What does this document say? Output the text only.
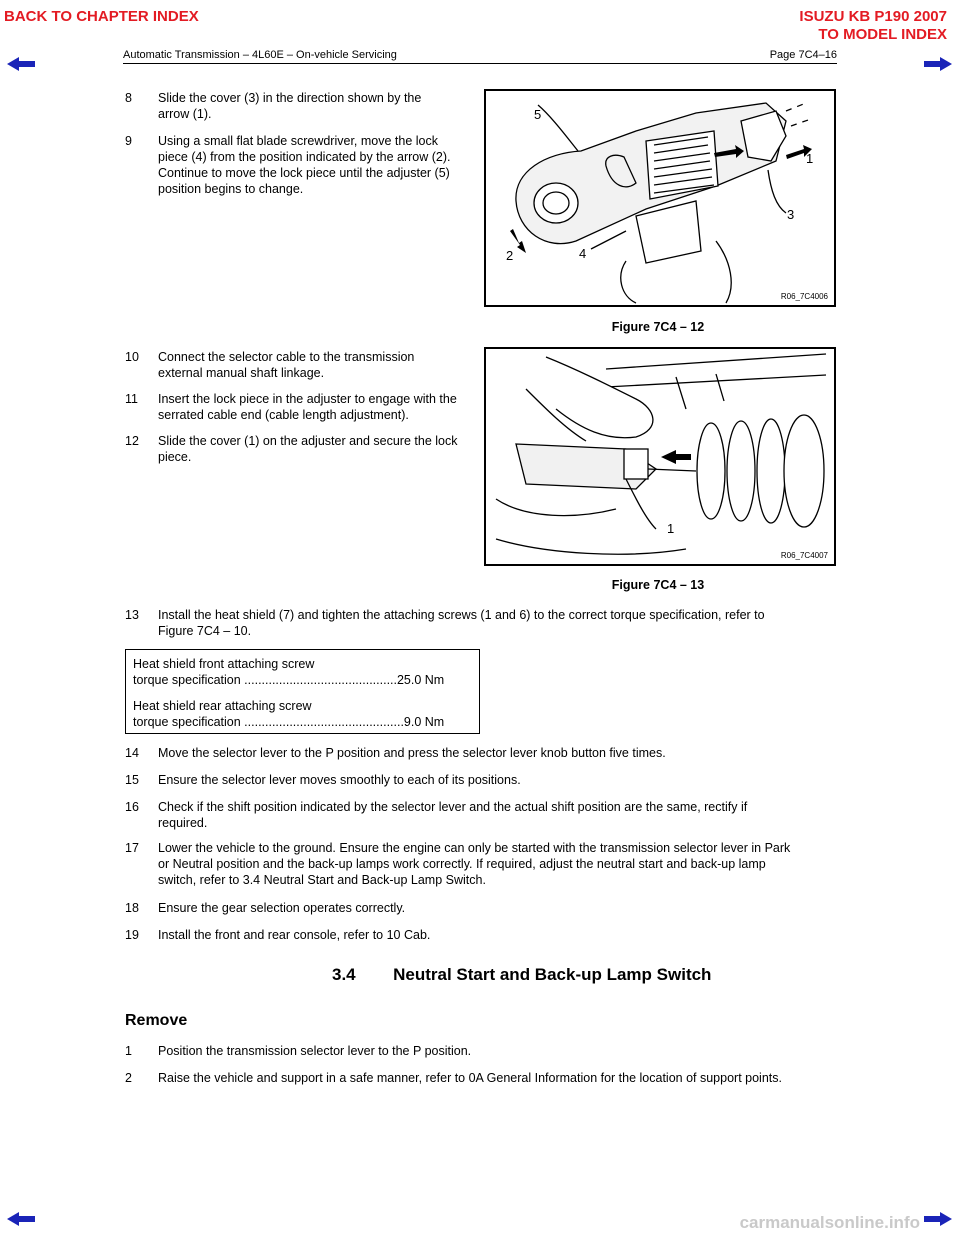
BACK TO CHAPTER INDEX	ISUZU KB P190 2007
TO MODEL INDEX
Automatic Transmission – 4L60E – On-vehicle Servicing	Page 7C4–16
8 Slide the cover (3) in the direction shown by the
arrow (1).
9 Using a small flat blade screwdriver, move the lock
piece (4) from the position indicated by the arrow (2).
Continue to move the lock piece until the adjuster (5)
position begins to change.
5
1
3
2	4
R06_7C4006
Figure 7C4 – 12
10 Connect the selector cable to the transmission
external manual shaft linkage.
11 Insert the lock piece in the adjuster to engage with the
serrated cable end (cable length adjustment).
12 Slide the cover (1) on the adjuster and secure the lock
piece.
1
R06_7C4007
Figure 7C4 – 13
13 Install the heat shield (7) and tighten the attaching screws (1 and 6) to the correct torque specification, refer to
Figure 7C4 – 10.
Heat shield front attaching screw
torque specification ............................................25.0 Nm
Heat shield rear attaching screw
torque specification ..............................................9.0 Nm
14 Move the selector lever to the P position and press the selector lever knob button five times.
15 Ensure the selector lever moves smoothly to each of its positions.
16 Check if the shift position indicated by the selector lever and the actual shift position are the same, rectify if
required.
17 Lower the vehicle to the ground. Ensure the engine can only be started with the transmission selector lever in Park
or Neutral position and the back-up lamps work correctly. If required, adjust the neutral start and back-up lamp
switch, refer to 3.4 Neutral Start and Back-up Lamp Switch.
18 Ensure the gear selection operates correctly.
19 Install the front and rear console, refer to 10 Cab.
3.4 Neutral Start and Back-up Lamp Switch
Remove
1 Position the transmission selector lever to the P position.
2 Raise the vehicle and support in a safe manner, refer to 0A General Information for the location of support points.
carmanualsonline.info
